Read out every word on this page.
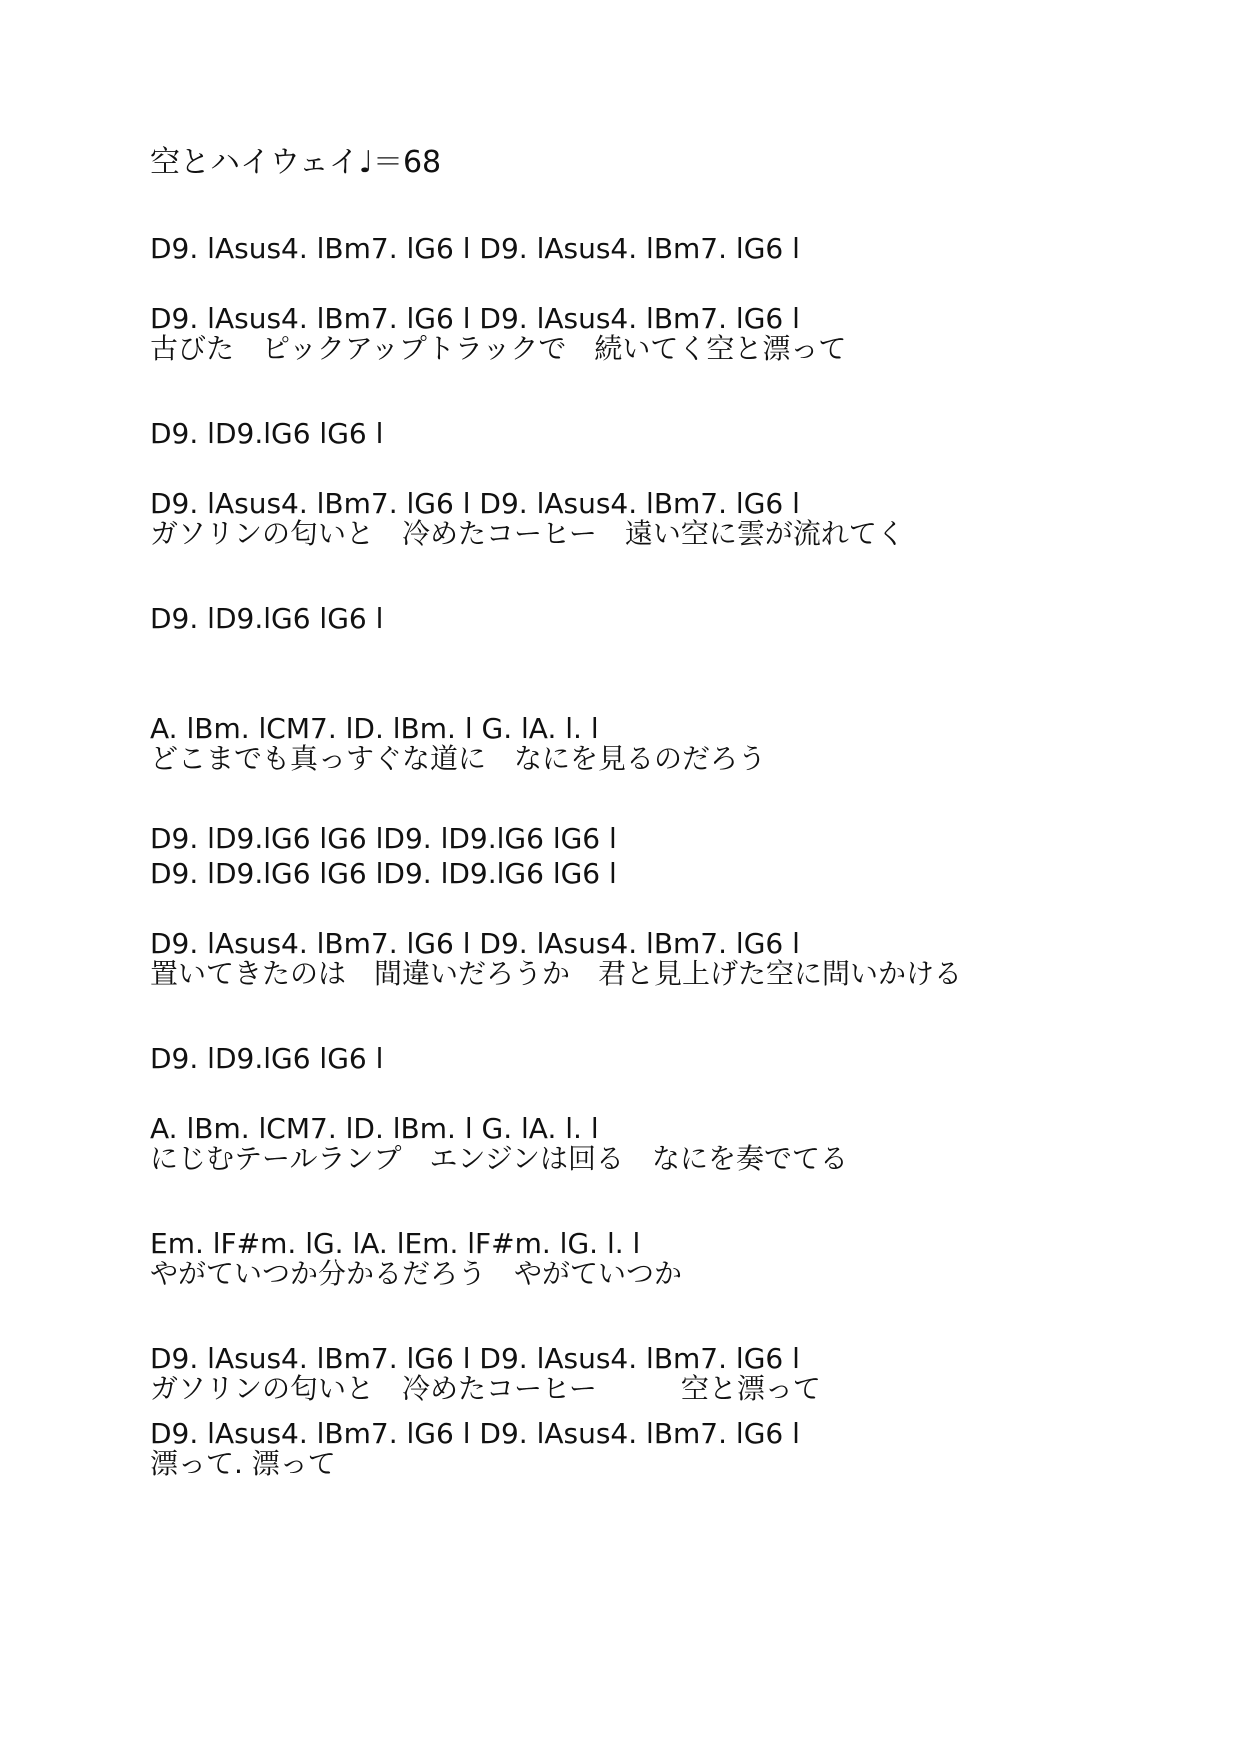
空とハイウェイ♩＝68
D9. lAsus4. lBm7. lG6 l D9. lAsus4. lBm7. lG6 l
D9. lAsus4. lBm7. lG6 l D9. lAsus4. lBm7. lG6 l
古びた　ピックアップトラックで　続いてく空と漂って
D9. lD9.lG6 lG6 l
D9. lAsus4. lBm7. lG6 l D9. lAsus4. lBm7. lG6 l
ガソリンの匂いと　冷めたコーヒー　遠い空に雲が流れてく
D9. lD9.lG6 lG6 l
A. lBm. lCM7. lD. lBm. l G. lA. l. l
どこまでも真っすぐな道に　なにを見るのだろう
D9. lD9.lG6 lG6 lD9. lD9.lG6 lG6 l
D9. lD9.lG6 lG6 lD9. lD9.lG6 lG6 l
D9. lAsus4. lBm7. lG6 l D9. lAsus4. lBm7. lG6 l
置いてきたのは　間違いだろうか　君と見上げた空に問いかける
D9. lD9.lG6 lG6 l
A. lBm. lCM7. lD. lBm. l G. lA. l. l
にじむテールランプ　エンジンは回る　なにを奏でてる
Em. lF#m. lG. lA. lEm. lF#m. lG. l. l
やがていつか分かるだろう　やがていつか
D9. lAsus4. lBm7. lG6 l D9. lAsus4. lBm7. lG6 l
ガソリンの匂いと　冷めたコーヒー　　　空と漂って
D9. lAsus4. lBm7. lG6 l D9. lAsus4. lBm7. lG6 l
漂って. 漂って
